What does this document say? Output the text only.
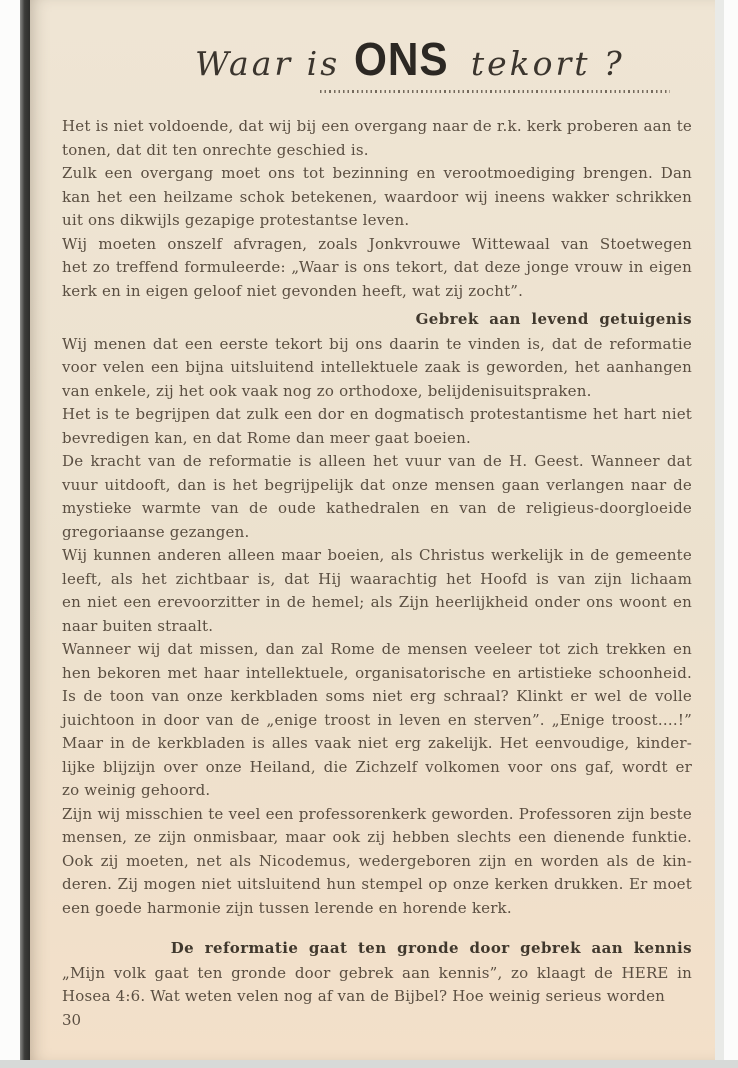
Waar is ONS tekort ?
Het is niet voldoende, dat wij bij een overgang naar de r.k. kerk proberen aan te
tonen, dat dit ten onrechte geschied is.
Zulk een overgang moet ons tot bezinning en verootmoediging brengen. Dan
kan het een heilzame schok betekenen, waardoor wij ineens wakker schrikken
uit ons dikwijls gezapige protestantse leven.
Wij moeten onszelf afvragen, zoals Jonkvrouwe Wittewaal van Stoetwegen
het zo treffend formuleerde: „Waar is ons tekort, dat deze jonge vrouw in eigen
kerk en in eigen geloof niet gevonden heeft, wat zij zocht”.
Gebrek aan levend getuigenis
Wij menen dat een eerste tekort bij ons daarin te vinden is, dat de reformatie
voor velen een bijna uitsluitend intellektuele zaak is geworden, het aanhangen
van enkele, zij het ook vaak nog zo orthodoxe, belijdenisuitspraken.
Het is te begrijpen dat zulk een dor en dogmatisch protestantisme het hart niet
bevredigen kan, en dat Rome dan meer gaat boeien.
De kracht van de reformatie is alleen het vuur van de H. Geest. Wanneer dat
vuur uitdooft, dan is het begrijpelijk dat onze mensen gaan verlangen naar de
mystieke warmte van de oude kathedralen en van de religieus-doorgloeide
gregoriaanse gezangen.
Wij kunnen anderen alleen maar boeien, als Christus werkelijk in de gemeente
leeft, als het zichtbaar is, dat Hij waarachtig het Hoofd is van zijn lichaam
en niet een erevoorzitter in de hemel; als Zijn heerlijkheid onder ons woont en
naar buiten straalt.
Wanneer wij dat missen, dan zal Rome de mensen veeleer tot zich trekken en
hen bekoren met haar intellektuele, organisatorische en artistieke schoonheid.
Is de toon van onze kerkbladen soms niet erg schraal? Klinkt er wel de volle
juichtoon in door van de „enige troost in leven en sterven”. „Enige troost….!”
Maar in de kerkbladen is alles vaak niet erg zakelijk. Het eenvoudige, kinder-
lijke blijzijn over onze Heiland, die Zichzelf volkomen voor ons gaf, wordt er
zo weinig gehoord.
Zijn wij misschien te veel een professorenkerk geworden. Professoren zijn beste
mensen, ze zijn onmisbaar, maar ook zij hebben slechts een dienende funktie.
Ook zij moeten, net als Nicodemus, wedergeboren zijn en worden als de kin-
deren. Zij mogen niet uitsluitend hun stempel op onze kerken drukken. Er moet
een goede harmonie zijn tussen lerende en horende kerk.
De reformatie gaat ten gronde door gebrek aan kennis
„Mijn volk gaat ten gronde door gebrek aan kennis”, zo klaagt de HERE in
Hosea 4:6. Wat weten velen nog af van de Bijbel? Hoe weinig serieus worden
30
